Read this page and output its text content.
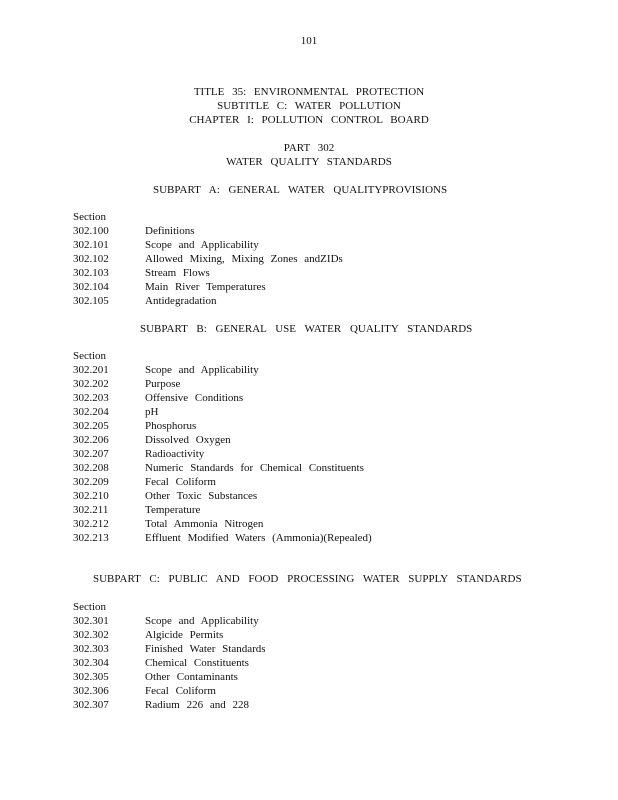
101
TITLE 35: ENVIRONMENTAL PROTECTION
SUBTITLE C: WATER POLLUTION
CHAPTER I: POLLUTION CONTROL BOARD
PART 302
WATER QUALITY STANDARDS
SUBPART A: GENERAL WATER QUALITYPROVISIONS
Section
302.100	Definitions
302.101	Scope and Applicability
302.102	Allowed Mixing, Mixing Zones andZIDs
302.103	Stream Flows
302.104	Main River Temperatures
302.105	Antidegradation
SUBPART B: GENERAL USE WATER QUALITY STANDARDS
Section
302.201	Scope and Applicability
302.202	Purpose
302.203	Offensive Conditions
302.204	pH
302.205	Phosphorus
302.206	Dissolved Oxygen
302.207	Radioactivity
302.208	Numeric Standards for Chemical Constituents
302.209	Fecal Coliform
302.210	Other Toxic Substances
302.211	Temperature
302.212	Total Ammonia Nitrogen
302.213	Effluent Modified Waters (Ammonia)(Repealed)
SUBPART C: PUBLIC AND FOOD PROCESSING WATER SUPPLY STANDARDS
Section
302.301	Scope and Applicability
302.302	Algicide Permits
302.303	Finished Water Standards
302.304	Chemical Constituents
302.305	Other Contaminants
302.306	Fecal Coliform
302.307	Radium 226 and 228
